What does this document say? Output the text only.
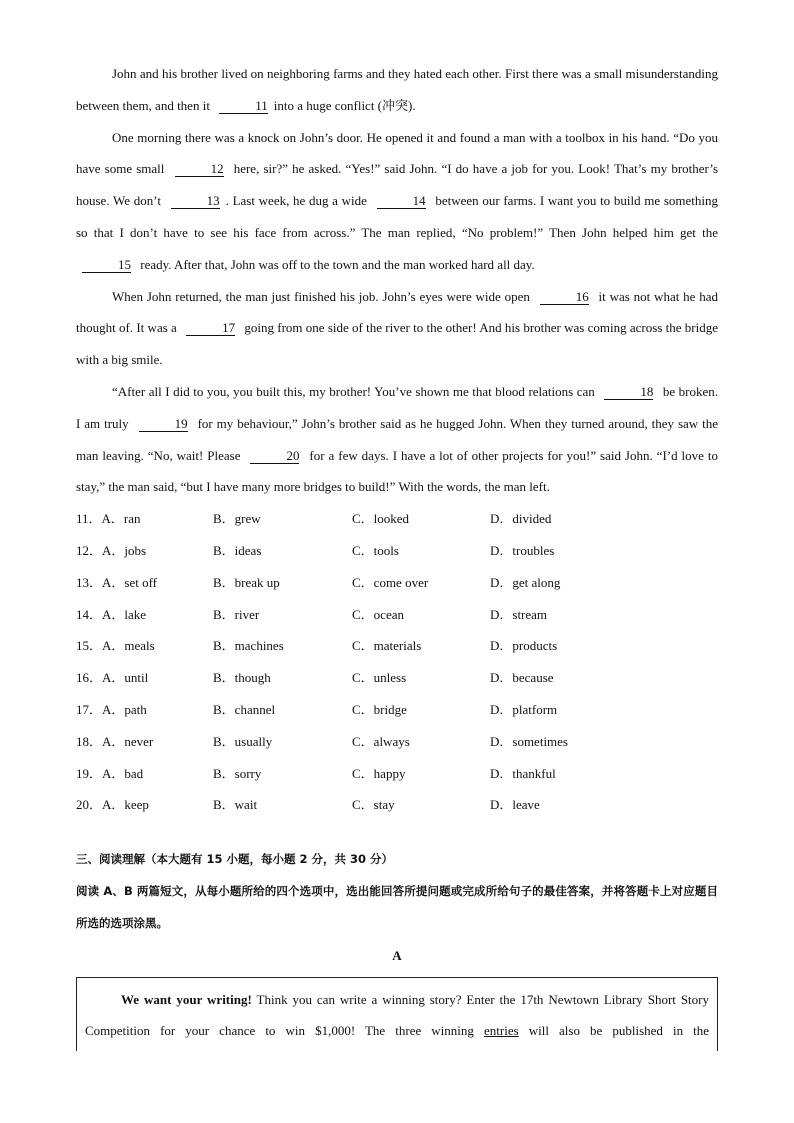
John and his brother lived on neighboring farms and they hated each other. First there was a small misunderstanding between them, and then it	11 into a huge conflict (冲突).

One morning there was a knock on John’s door. He opened it and found a man with a toolbox in his hand. “Do you have some small	12 here, sir?” he asked. “Yes!” said John. “I do have a job for you. Look! That’s my brother’s house. We don’t	13 . Last week, he dug a wide	14 between our farms. I want you to build me something so that I don’t have to see his face from across.” The man replied, “No problem!” Then John helped him get the 15 ready. After that, John was off to the town and the man worked hard all day.

When John returned, the man just finished his job. John’s eyes were wide open	16 it was not what he had thought of. It was a	17 going from one side of the river to the other! And his brother was coming across the bridge with a big smile.

“After all I did to you, you built this, my brother! You’ve shown me that blood relations can	18 be broken. I am truly	19 for my behaviour,” John’s brother said as he hugged John. When they turned around, they saw the man leaving. “No, wait! Please	20 for a few days. I have a lot of other projects for you!” said John. “I’d love to stay,” the man said, “but I have many more bridges to build!” With the words, the man left.

11．A．ran	B．grew	C．looked	D．divided
12．A．jobs	B．ideas	C．tools	D．troubles
13．A．set off	B．break up	C．come over	D．get along
14．A．lake	B．river	C．ocean	D．stream
15．A．meals	B．machines	C．materials	D．products
16．A．until	B．though	C．unless	D．because
17．A．path	B．channel	C．bridge	D．platform
18．A．never	B．usually	C．always	D．sometimes
19．A．bad	B．sorry	C．happy	D．thankful
20．A．keep	B．wait	C．stay	D．leave
三、阅读理解（本大题有 15 小题，每小题 2 分，共 30 分）
阅读 A、B 两篇短文，从每小题所给的四个选项中，选出能回答所提问题或完成所给句子的最佳答案，并将答题卡上对应题目所选的选项涂黑。
A

We want your writing! Think you can write a winning story? Enter the 17th Newtown Library Short Story Competition for your chance to win $1,000! The three winning entries will also be published in the
